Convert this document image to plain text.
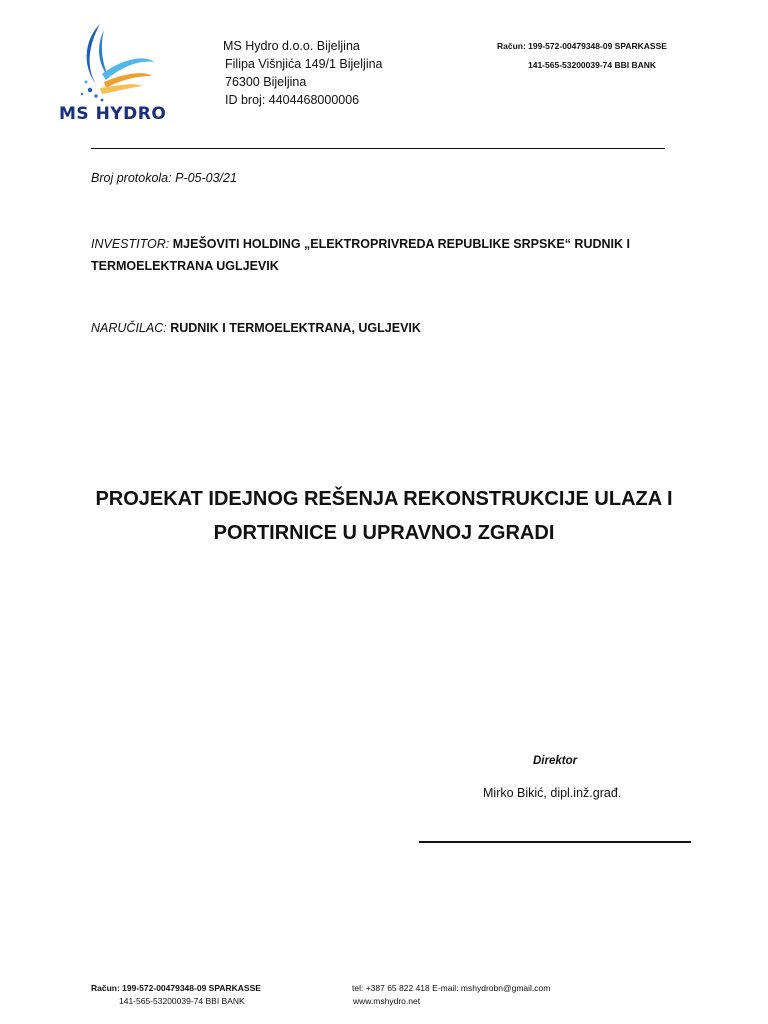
MS HYDRO
MS Hydro d.o.o. Bijeljina
Filipa Višnjića 149/1 Bijeljina
76300 Bijeljina
ID broj: 4404468000006
Račun: 199-572-00479348-09 SPARKASSE
141-565-53200039-74 BBI BANK
Broj protokola: P-05-03/21
INVESTITOR: MJEŠOVITI HOLDING „ELEKTROPRIVREDA REPUBLIKE SRPSKE“ RUDNIK I
TERMOELEKTRANA UGLJEVIK
NARUČILAC: RUDNIK I TERMOELEKTRANA, UGLJEVIK
PROJEKAT IDEJNOG REŠENJA REKONSTRUKCIJE ULAZA I
PORTIRNICE U UPRAVNOJ ZGRADI
Direktor
Mirko Bikić, dipl.inž.građ.
Račun: 199-572-00479348-09 SPARKASSE
141-565-53200039-74 BBI BANK
tel: +387 65 822 418 E-mail: mshydrobn@gmail.com
www.mshydro.net
